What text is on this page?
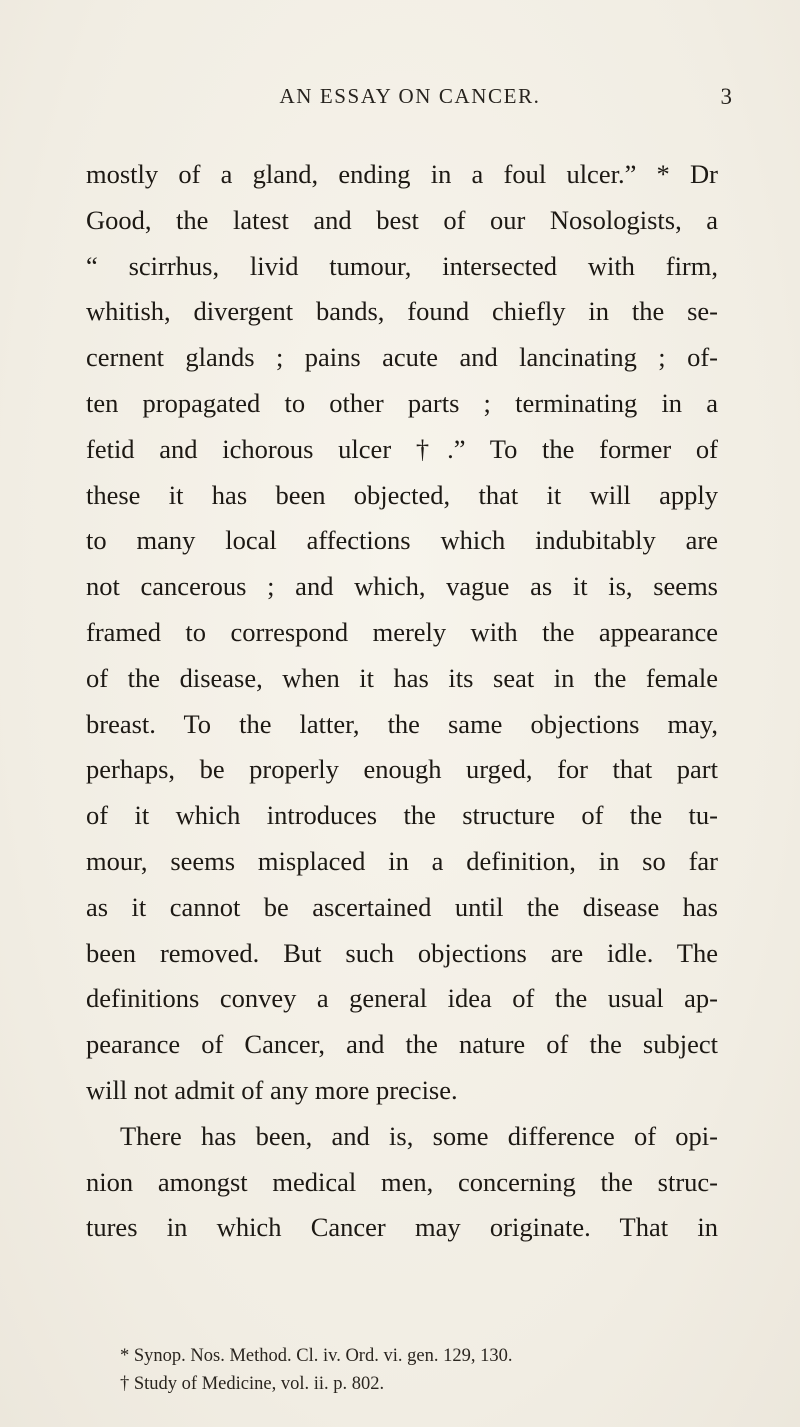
AN ESSAY ON CANCER.	3
mostly of a gland, ending in a foul ulcer.” * Dr
Good, the latest and best of our Nosologists, a
“ scirrhus, livid tumour, intersected with firm,
whitish, divergent bands, found chiefly in the se-
cernent glands ; pains acute and lancinating ; of-
ten propagated to other parts ; terminating in a
fetid and ichorous ulcer †.” To the former of
these it has been objected, that it will apply
to many local affections which indubitably are
not cancerous ; and which, vague as it is, seems
framed to correspond merely with the appearance
of the disease, when it has its seat in the female
breast. To the latter, the same objections may,
perhaps, be properly enough urged, for that part
of it which introduces the structure of the tu-
mour, seems misplaced in a definition, in so far
as it cannot be ascertained until the disease has
been removed. But such objections are idle. The
definitions convey a general idea of the usual ap-
pearance of Cancer, and the nature of the subject
will not admit of any more precise.
There has been, and is, some difference of opi-
nion amongst medical men, concerning the struc-
tures in which Cancer may originate. That in
* Synop. Nos. Method. Cl. iv. Ord. vi. gen. 129, 130.
† Study of Medicine, vol. ii. p. 802.
